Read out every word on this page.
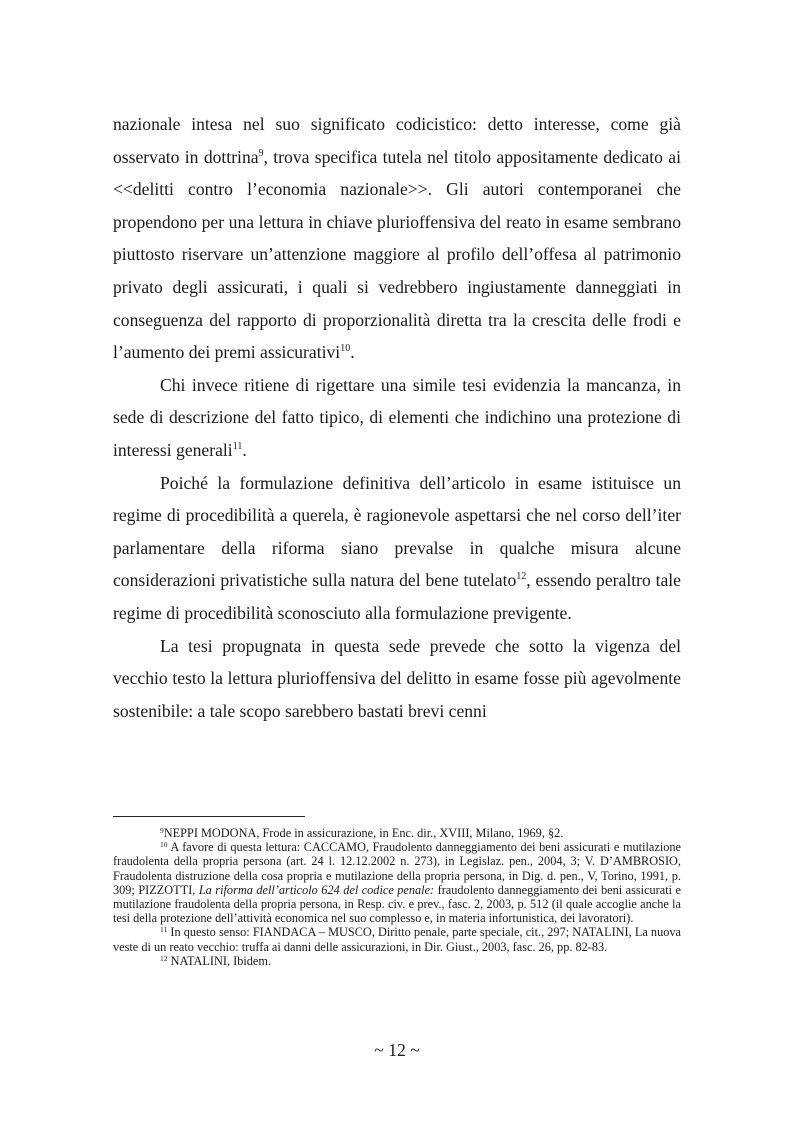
nazionale intesa nel suo significato codicistico: detto interesse, come già osservato in dottrina$^9$, trova specifica tutela nel titolo appositamente dedicato ai <<delitti contro l’economia nazionale>>. Gli autori contemporanei che propendono per una lettura in chiave plurioffensiva del reato in esame sembrano piuttosto riservare un’attenzione maggiore al profilo dell’offesa al patrimonio privato degli assicurati, i quali si vedrebbero ingiustamente danneggiati in conseguenza del rapporto di proporzionalità diretta tra la crescita delle frodi e l’aumento dei premi assicurativi$^{10}$.

Chi invece ritiene di rigettare una simile tesi evidenzia la mancanza, in sede di descrizione del fatto tipico, di elementi che indichino una protezione di interessi generali$^{11}$.

Poiché la formulazione definitiva dell’articolo in esame istituisce un regime di procedibilità a querela, è ragionevole aspettarsi che nel corso dell’iter parlamentare della riforma siano prevalse in qualche misura alcune considerazioni privatistiche sulla natura del bene tutelato$^{12}$, essendo peraltro tale regime di procedibilità sconosciuto alla formulazione previgente.

La tesi propugnata in questa sede prevede che sotto la vigenza del vecchio testo la lettura plurioffensiva del delitto in esame fosse più agevolmente sostenibile: a tale scopo sarebbero bastati brevi cenni

$^9$NEPPI MODONA, Frode in assicurazione, in Enc. dir., XVIII, Milano, 1969, §2.

$^{10}$ A favore di questa lettura: CACCAMO, Fraudolento danneggiamento dei beni assicurati e mutilazione fraudolenta della propria persona (art. 24 l. 12.12.2002 n. 273), in Legislaz. pen., 2004, 3; V. D’AMBROSIO, Fraudolenta distruzione della cosa propria e mutilazione della propria persona, in Dig. d. pen., V, Torino, 1991, p. 309; PIZZOTTI, La riforma dell’articolo 624 del codice penale: fraudolento danneggiamento dei beni assicurati e mutilazione fraudolenta della propria persona, in Resp. civ. e prev., fasc. 2, 2003, p. 512 (il quale accoglie anche la tesi della protezione dell’attività economica nel suo complesso e, in materia infortunistica, dei lavoratori).

$^{11}$ In questo senso: FIANDACA – MUSCO, Diritto penale, parte speciale, cit., 297; NATALINI, La nuova veste di un reato vecchio: truffa ai danni delle assicurazioni, in Dir. Giust., 2003, fasc. 26, pp. 82-83.

$^{12}$ NATALINI, Ibidem.

~ 12 ~
